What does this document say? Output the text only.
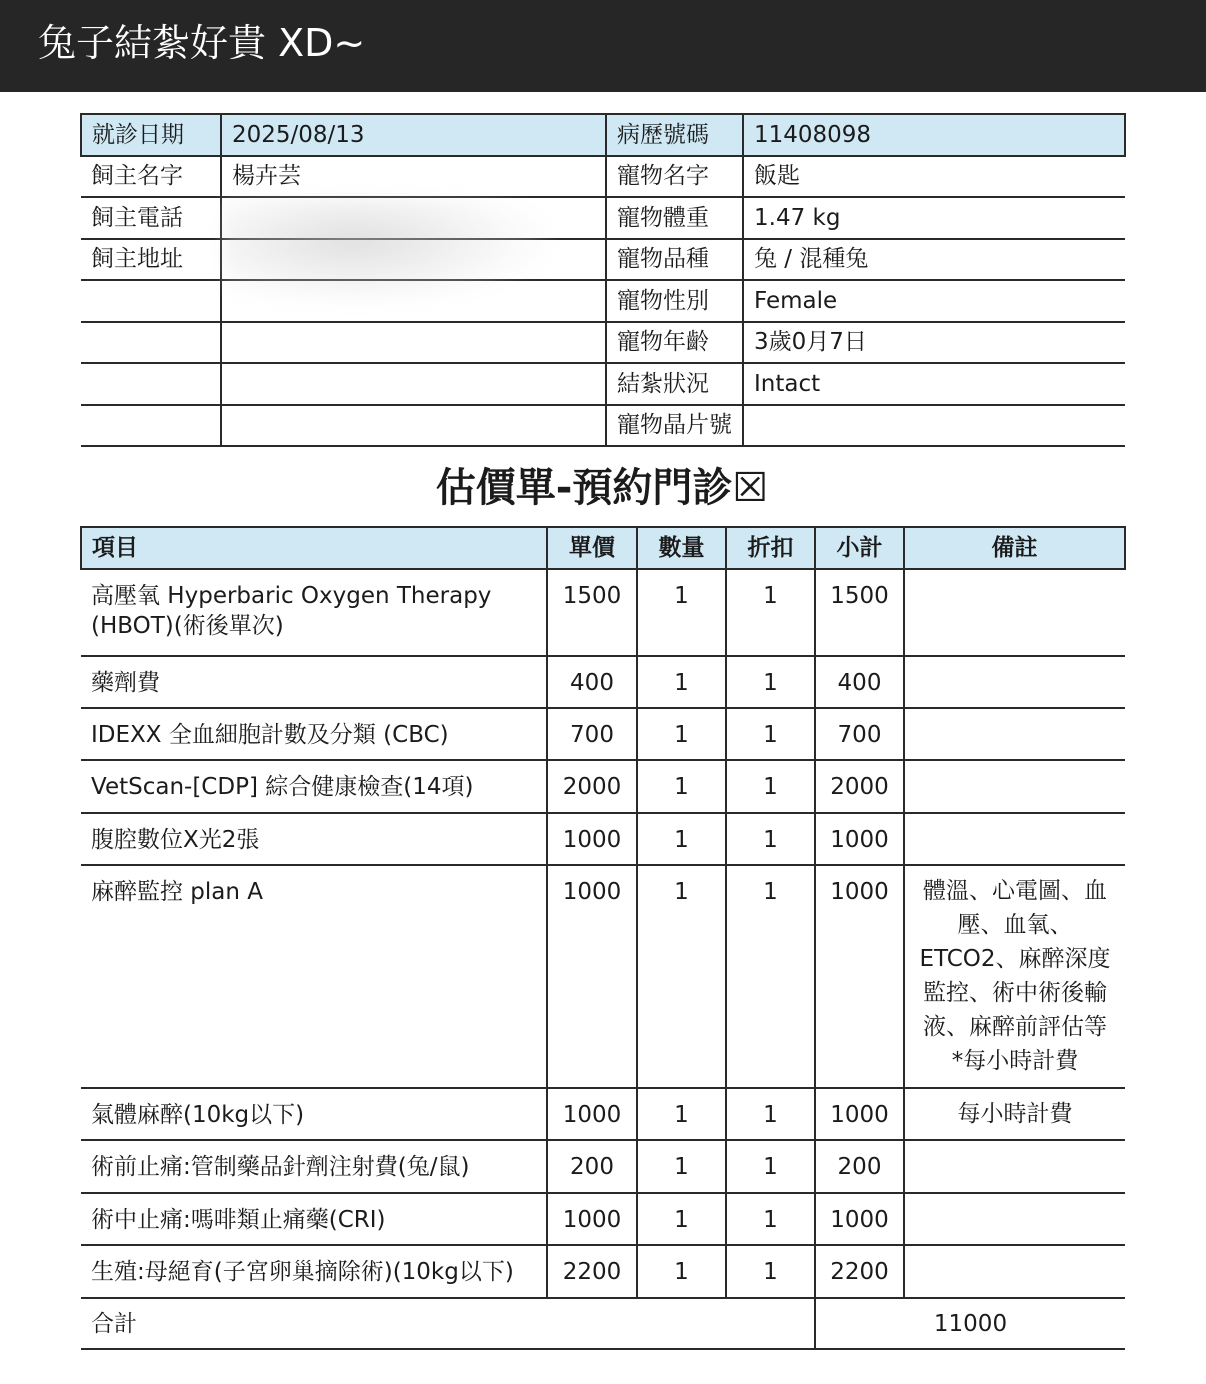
兔子結紮好貴 XD~
就診日期	2025/08/13	病歷號碼	11408098
飼主名字	楊卉芸	寵物名字	飯匙
飼主電話		寵物體重	1.47 kg
飼主地址		寵物品種	兔 / 混種兔
		寵物性別	Female
		寵物年齡	3歲0月7日
		結紮狀況	Intact
		寵物晶片號	
估價單-預約門診☒
項目	單價	數量	折扣	小計	備註
高壓氧 Hyperbaric Oxygen Therapy (HBOT)(術後單次)	1500	1	1	1500	
藥劑費	400	1	1	400	
IDEXX 全血細胞計數及分類 (CBC)	700	1	1	700	
VetScan-[CDP] 綜合健康檢查(14項)	2000	1	1	2000	
腹腔數位X光2張	1000	1	1	1000	
麻醉監控 plan A	1000	1	1	1000	體溫、心電圖、血壓、血氧、ETCO2、麻醉深度監控、術中術後輸液、麻醉前評估等
*每小時計費
氣體麻醉(10kg以下)	1000	1	1	1000	每小時計費
術前止痛:管制藥品針劑注射費(兔/鼠)	200	1	1	200	
術中止痛:嗎啡類止痛藥(CRI)	1000	1	1	1000	
生殖:母絕育(子宮卵巢摘除術)(10kg以下)	2200	1	1	2200	
合計				11000	
